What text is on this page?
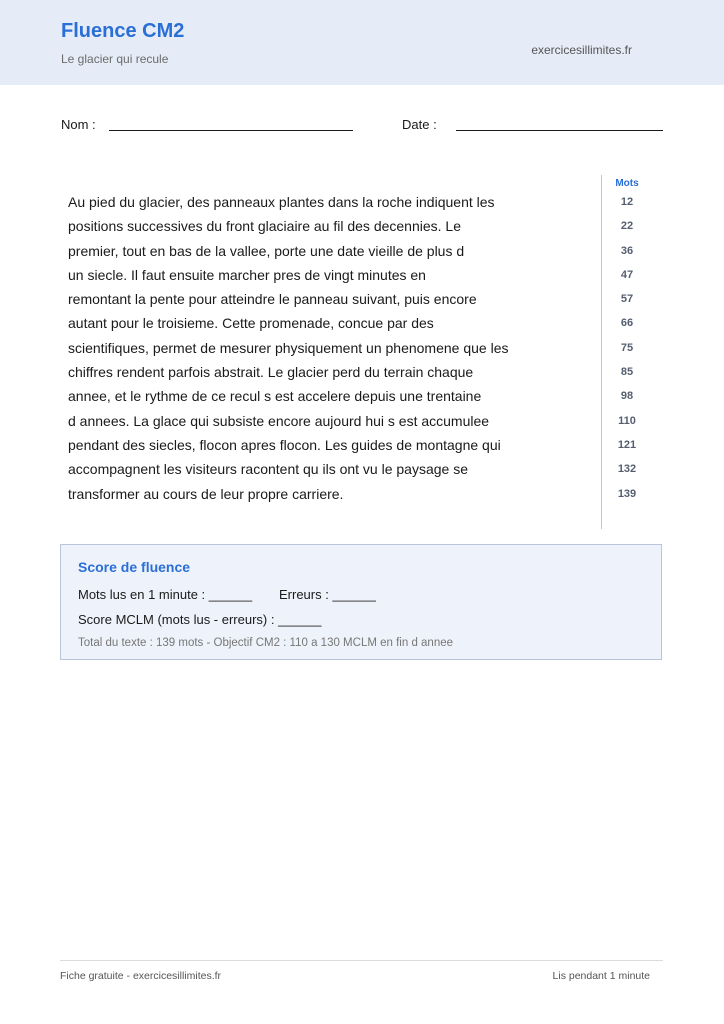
Fluence CM2
Le glacier qui recule
exercicesillimites.fr
Nom :	Date :
Au pied du glacier, des panneaux plantes dans la roche indiquent les
positions successives du front glaciaire au fil des decennies. Le
premier, tout en bas de la vallee, porte une date vieille de plus d
un siecle. Il faut ensuite marcher pres de vingt minutes en
remontant la pente pour atteindre le panneau suivant, puis encore
autant pour le troisieme. Cette promenade, concue par des
scientifiques, permet de mesurer physiquement un phenomene que les
chiffres rendent parfois abstrait. Le glacier perd du terrain chaque
annee, et le rythme de ce recul s est accelere depuis une trentaine
d annees. La glace qui subsiste encore aujourd hui s est accumulee
pendant des siecles, flocon apres flocon. Les guides de montagne qui
accompagnent les visiteurs racontent qu ils ont vu le paysage se
transformer au cours de leur propre carriere.
Mots
12
22
36
47
57
66
75
85
98
110
121
132
139
Score de fluence
Mots lus en 1 minute : ______ Erreurs : ______
Score MCLM (mots lus - erreurs) : ______
Total du texte : 139 mots - Objectif CM2 : 110 a 130 MCLM en fin d annee
Fiche gratuite - exercicesillimites.fr	Lis pendant 1 minute
